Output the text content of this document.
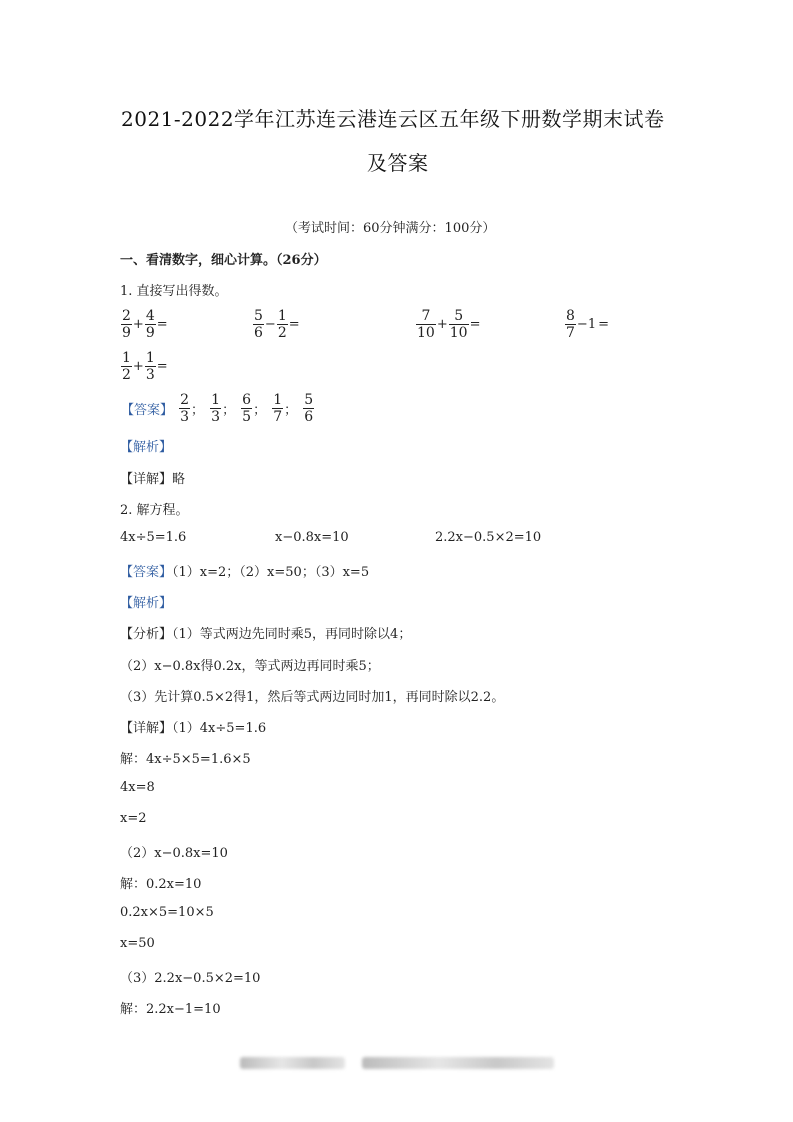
2021-2022学年江苏连云港连云区五年级下册数学期末试卷
及答案
（考试时间：60分钟满分：100分）
一、看清数字，细心计算。（26分）
1. 直接写出得数。
$\frac{2}{9} + \frac{4}{9}$ =	$\frac{5}{6} - \frac{1}{2}$ =	$\frac{7}{10} + \frac{5}{10}$ =	$\frac{8}{7} -1$ =
$\frac{1}{2} + \frac{1}{3}$ =
【答案】 $\frac{2}{3}$ ； $\frac{1}{3}$ ； $\frac{6}{5}$ ； $\frac{1}{7}$ ； $\frac{5}{6}$
【解析】
【详解】略
2. 解方程。
4x÷5=1.6	x−0.8x=10	2.2x−0.5×2=10
【答案】（1）x=2；（2）x=50；（3）x=5
【解析】
【分析】（1）等式两边先同时乘5，再同时除以4；
（2）x−0.8x得0.2x，等式两边再同时乘5；
（3）先计算0.5×2得1，然后等式两边同时加1，再同时除以2.2。
【详解】（1）4x÷5=1.6
解：4x÷5×5=1.6×5
4x=8
x=2
（2）x−0.8x=10
解：0.2x=10
0.2x×5=10×5
x=50
（3）2.2x−0.5×2=10
解：2.2x−1=10
